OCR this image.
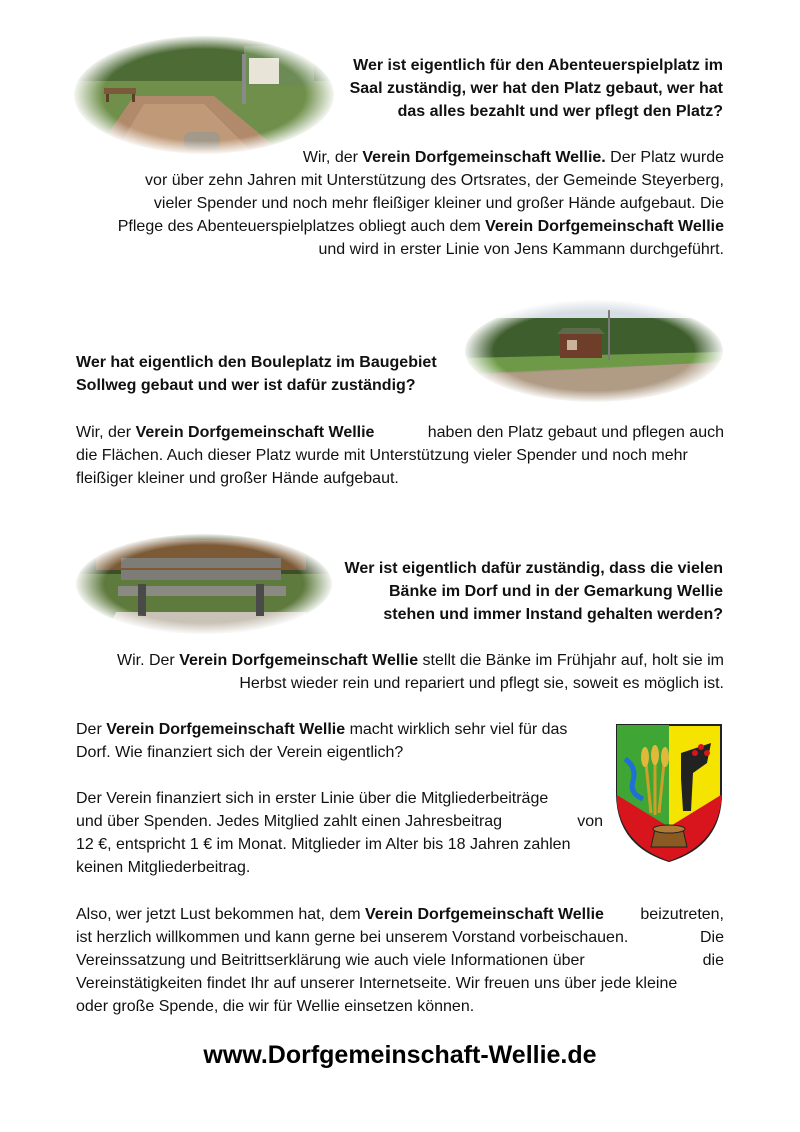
Wer ist eigentlich für den Abenteuerspielplatz im
Saal zuständig, wer hat den Platz gebaut, wer hat
das alles bezahlt und wer pflegt den Platz?
Wir, der Verein Dorfgemeinschaft Wellie. Der Platz wurde
vor über zehn Jahren mit Unterstützung des Ortsrates, der Gemeinde Steyerberg,
vieler Spender und noch mehr fleißiger kleiner und großer Hände aufgebaut. Die
Pflege des Abenteuerspielplatzes obliegt auch dem Verein Dorfgemeinschaft Wellie
und wird in erster Linie von Jens Kammann durchgeführt.
Wer hat eigentlich den Bouleplatz im Baugebiet
Sollweg gebaut und wer ist dafür zuständig?
Wir, der Verein Dorfgemeinschaft Wellie	haben den Platz gebaut und pflegen auch
die Flächen. Auch dieser Platz wurde mit Unterstützung vieler Spender und noch mehr
fleißiger kleiner und großer Hände aufgebaut.
Wer ist eigentlich dafür zuständig, dass die vielen
Bänke im Dorf und in der Gemarkung Wellie
stehen und immer Instand gehalten werden?
Wir. Der Verein Dorfgemeinschaft Wellie stellt die Bänke im Frühjahr auf, holt sie im
Herbst wieder rein und repariert und pflegt sie, soweit es möglich ist.
Der Verein Dorfgemeinschaft Wellie macht wirklich sehr viel für das
Dorf. Wie finanziert sich der Verein eigentlich?
Der Verein finanziert sich in erster Linie über die Mitgliederbeiträge
und über Spenden. Jedes Mitglied zahlt einen Jahresbeitrag	von
12 €, entspricht 1 € im Monat. Mitglieder im Alter bis 18 Jahren zahlen
keinen Mitgliederbeitrag.
Also, wer jetzt Lust bekommen hat, dem Verein Dorfgemeinschaft Wellie beizutreten,
ist herzlich willkommen und kann gerne bei unserem Vorstand vorbeischauen.	Die
Vereinssatzung und Beitrittserklärung wie auch viele Informationen über	die
Vereinstätigkeiten findet Ihr auf unserer Internetseite. Wir freuen uns über jede kleine
oder große Spende, die wir für Wellie einsetzen können.
www.Dorfgemeinschaft-Wellie.de
